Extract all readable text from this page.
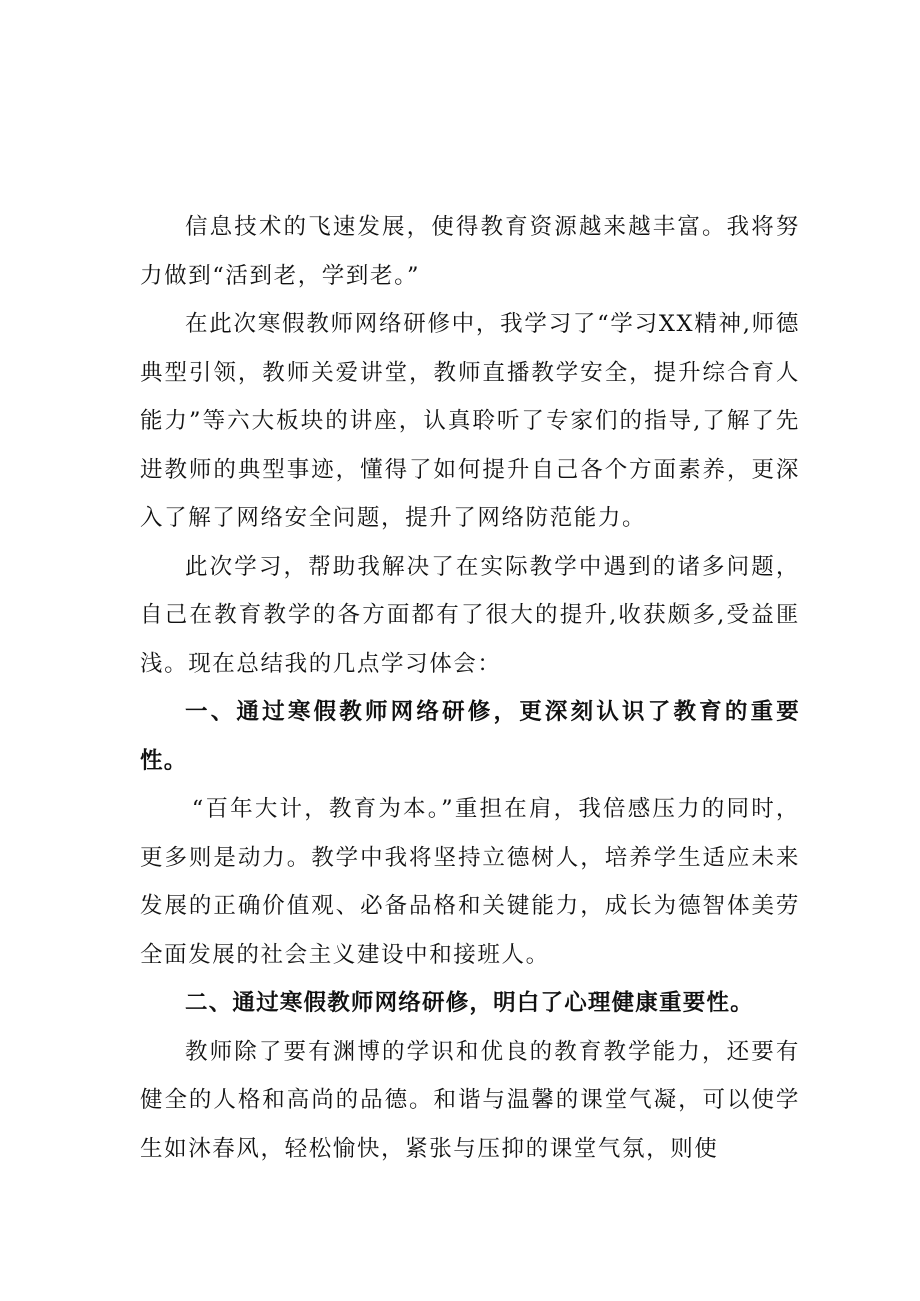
信息技术的飞速发展，使得教育资源越来越丰富。我将努力做到“活到老，学到老。”

在此次寒假教师网络研修中，我学习了“学习XX精神,师德典型引领，教师关爱讲堂，教师直播教学安全，提升综合育人能力”等六大板块的讲座，认真聆听了专家们的指导,了解了先进教师的典型事迹，懂得了如何提升自己各个方面素养，更深入了解了网络安全问题，提升了网络防范能力。

此次学习，帮助我解决了在实际教学中遇到的诸多问题，自己在教育教学的各方面都有了很大的提升,收获颇多,受益匪浅。现在总结我的几点学习体会：

一、通过寒假教师网络研修，更深刻认识了教育的重要性。

“百年大计，教育为本。”重担在肩，我倍感压力的同时，更多则是动力。教学中我将坚持立德树人，培养学生适应未来发展的正确价值观、必备品格和关键能力，成长为德智体美劳全面发展的社会主义建设中和接班人。

二、通过寒假教师网络研修，明白了心理健康重要性。

教师除了要有渊博的学识和优良的教育教学能力，还要有健全的人格和高尚的品德。和谐与温馨的课堂气凝，可以使学生如沐春风，轻松愉快，紧张与压抑的课堂气氛，则使
